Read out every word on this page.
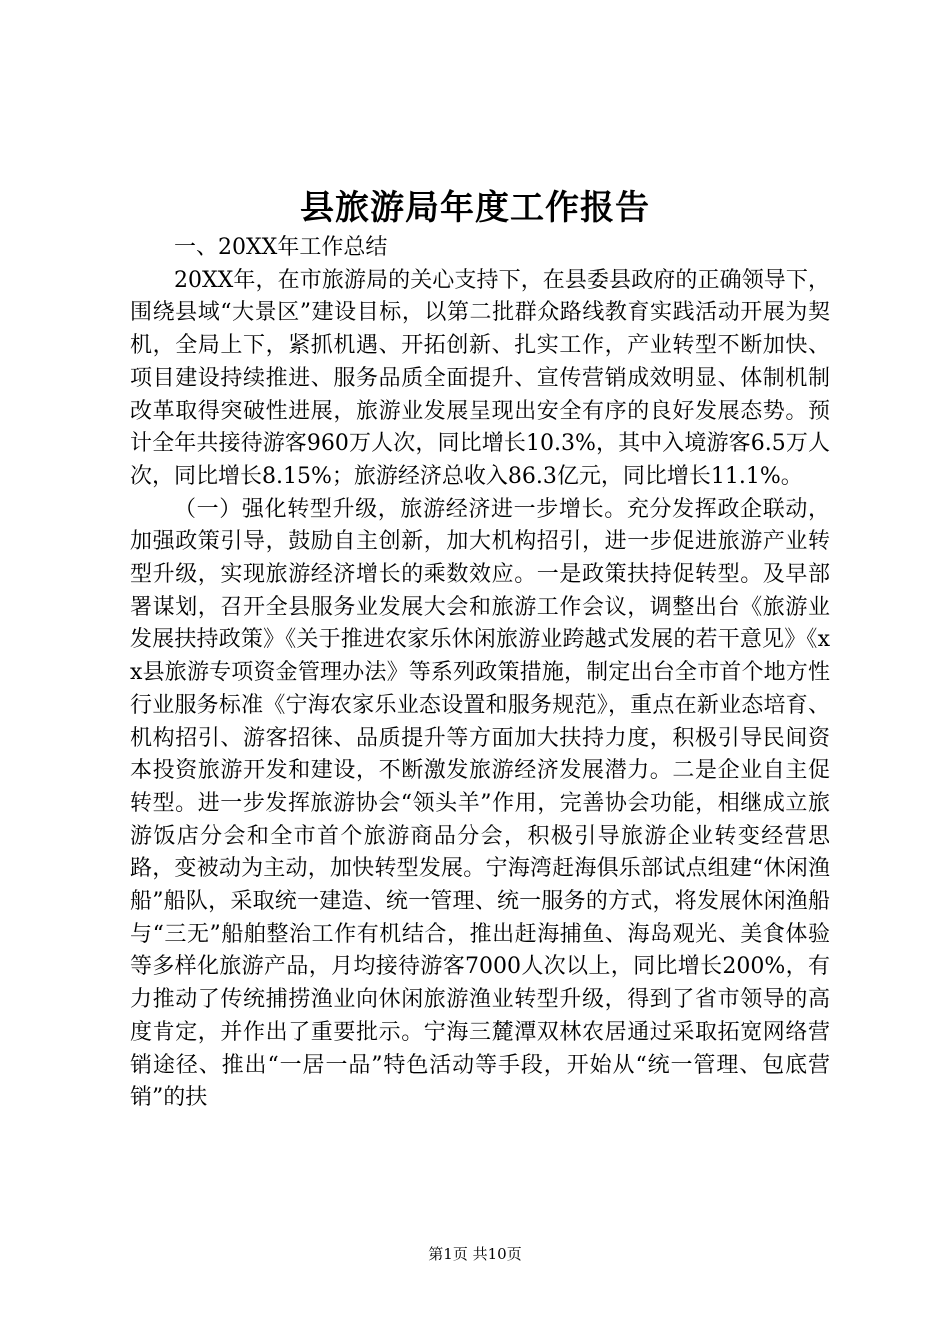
县旅游局年度工作报告

一、20XX年工作总结

20XX年，在市旅游局的关心支持下，在县委县政府的正确领导下，围绕县域“大景区”建设目标，以第二批群众路线教育实践活动开展为契机，全局上下，紧抓机遇、开拓创新、扎实工作，产业转型不断加快、项目建设持续推进、服务品质全面提升、宣传营销成效明显、体制机制改革取得突破性进展，旅游业发展呈现出安全有序的良好发展态势。预计全年共接待游客960万人次，同比增长10.3%，其中入境游客6.5万人次，同比增长8.15%；旅游经济总收入86.3亿元，同比增长11.1%。

（一）强化转型升级，旅游经济进一步增长。充分发挥政企联动，加强政策引导，鼓励自主创新，加大机构招引，进一步促进旅游产业转型升级，实现旅游经济增长的乘数效应。一是政策扶持促转型。及早部署谋划，召开全县服务业发展大会和旅游工作会议，调整出台《旅游业发展扶持政策》《关于推进农家乐休闲旅游业跨越式发展的若干意见》《xx县旅游专项资金管理办法》等系列政策措施，制定出台全市首个地方性行业服务标准《宁海农家乐业态设置和服务规范》，重点在新业态培育、机构招引、游客招徕、品质提升等方面加大扶持力度，积极引导民间资本投资旅游开发和建设，不断激发旅游经济发展潜力。二是企业自主促转型。进一步发挥旅游协会“领头羊”作用，完善协会功能，相继成立旅游饭店分会和全市首个旅游商品分会，积极引导旅游企业转变经营思路，变被动为主动，加快转型发展。宁海湾赶海俱乐部试点组建“休闲渔船”船队，采取统一建造、统一管理、统一服务的方式，将发展休闲渔船与“三无”船舶整治工作有机结合，推出赶海捕鱼、海岛观光、美食体验等多样化旅游产品，月均接待游客7000人次以上，同比增长200%，有力推动了传统捕捞渔业向休闲旅游渔业转型升级，得到了省市领导的高度肯定，并作出了重要批示。宁海三麓潭双林农居通过采取拓宽网络营销途径、推出“一居一品”特色活动等手段，开始从“统一管理、包底营销”的扶

第1页 共10页
